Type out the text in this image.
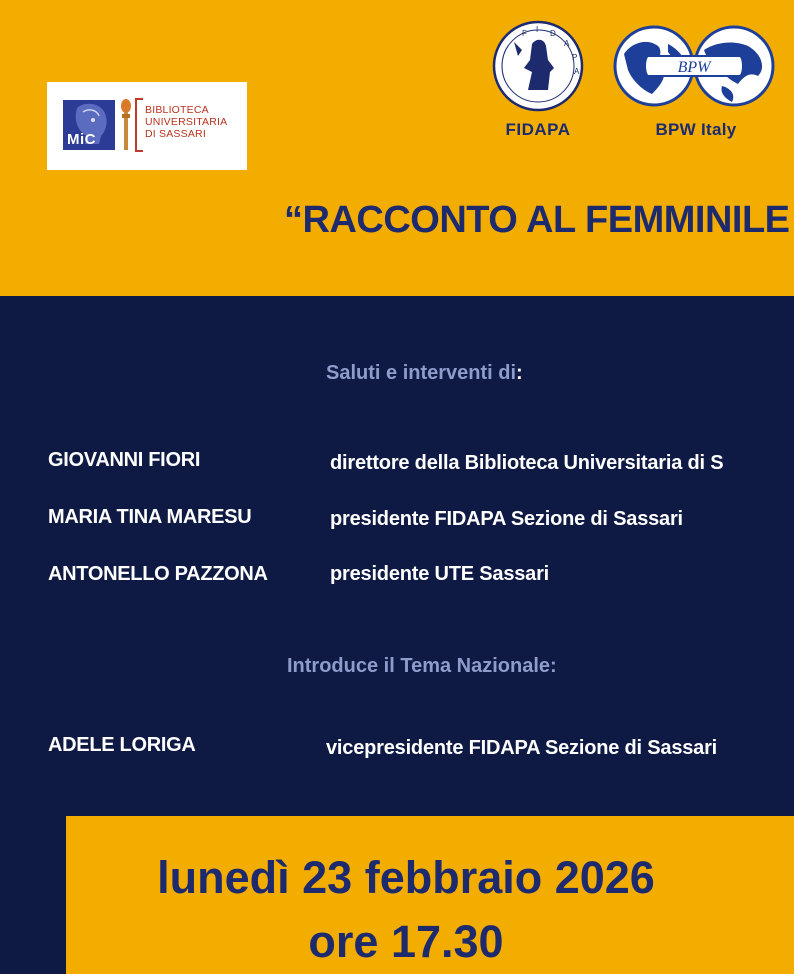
MiC
BIBLIOTECA
UNIVERSITARIA
DI SASSARI
F I D
A
P
A
FIDAPA
BPW
BPW Italy
“RACCONTO AL FEMMINILE
Saluti e interventi di:
GIOVANNI FIORI	direttore della Biblioteca Universitaria di S
MARIA TINA MARESU	presidente FIDAPA Sezione di Sassari
ANTONELLO PAZZONA	presidente UTE Sassari
Introduce il Tema Nazionale:
ADELE LORIGA	vicepresidente FIDAPA Sezione di Sassari
lunedì 23 febbraio 2026
ore 17.30
